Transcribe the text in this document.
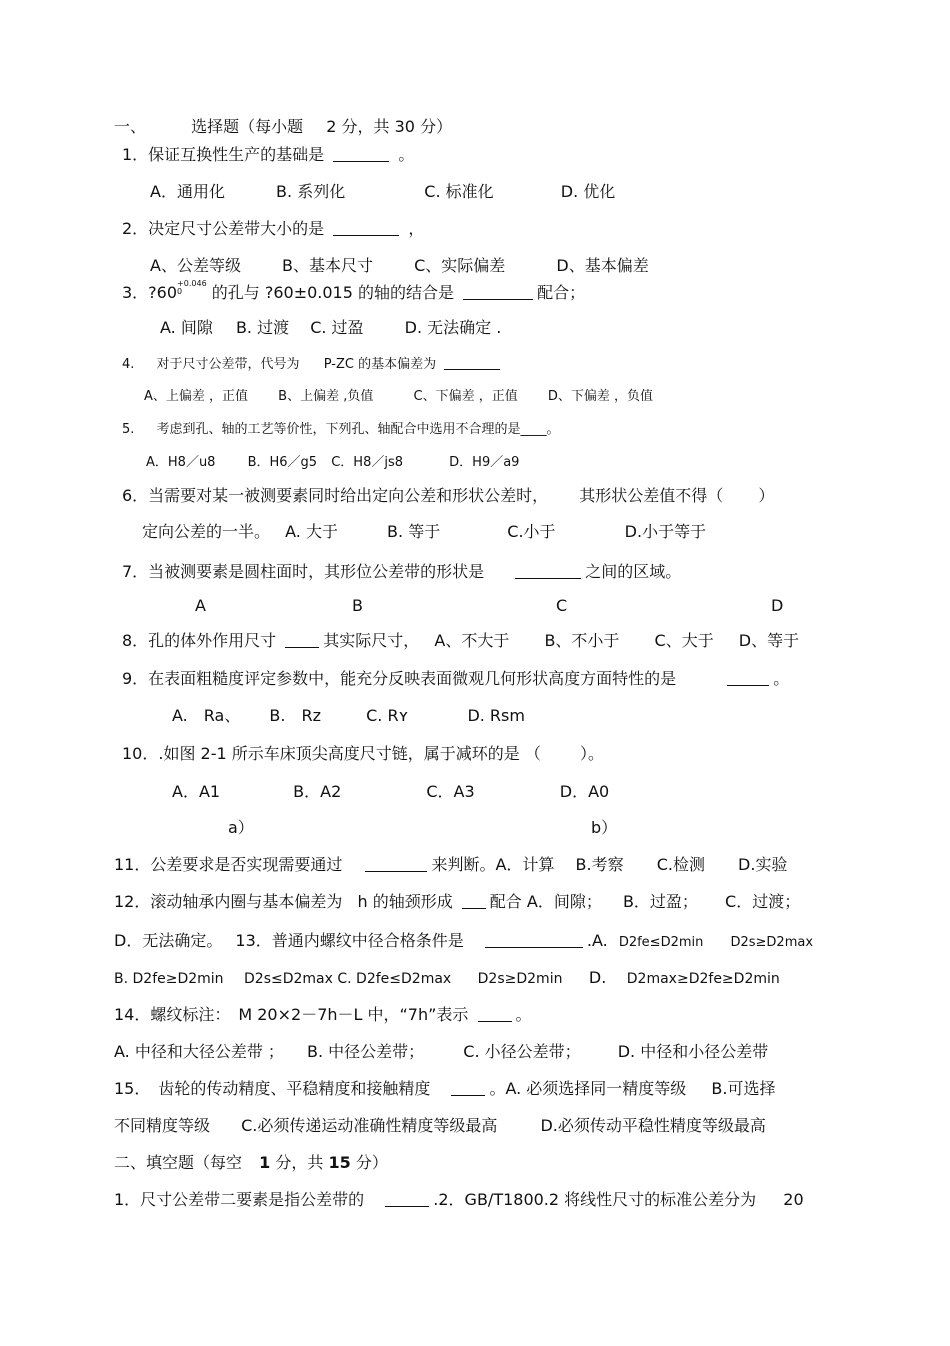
一、	选择题（每小题 2 分，共 30 分）
1．保证互换性生产的基础是	。
A．通用化	B. 系列化	C. 标准化	D. 优化
2．决定尺寸公差带大小的是	，
A、公差等级	B、基本尺寸	C、实际偏差	D、基本偏差
3．?60 +0.046
0	的孔与 ?60±0.015 的轴的结合是	配合；
A. 间隙 B. 过渡 C. 过盈	D. 无法确定 .
4. 对于尺寸公差带，代号为 P-ZC 的基本偏差为
A、上偏差 ，正值 B、上偏差 ,负值	C、下偏差 ，正值 D、下偏差 ，负值
5. 考虑到孔、轴的工艺等价性，下列孔、轴配合中选用不合理的是____。
A．H8／u8 B．H6／g5 C．H8／js8	D．H9／a9
6．当需要对某一被测要素同时给出定向公差和形状公差时， 其形状公差值不得（ ）
定向公差的一半。 A. 大于	B. 等于	C.小于	D.小于等于
7．当被测要素是圆柱面时，其形位公差带的形状是	之间的区域。
A	B	C	D
8．孔的体外作用尺寸	其实际尺寸， A、不大于 B、不小于 C、大于 D、等于
9．在表面粗糙度评定参数中，能充分反映表面微观几何形状高度方面特性的是	。
A.　Ra、 B.　Rz	C. Rʏ	D. Rsm
10．.如图 2-1 所示车床顶尖高度尺寸链，属于减环的是 （ ）。
A．A1	B．A2	C．A3	D．A0
a）	b）
11．公差要求是否实现需要通过	来判断。A．计算 B.考察 C.检测 D.实验
12．滚动轴承内圈与基本偏差为 h 的轴颈形成 配合 A．间隙； B．过盈； C．过渡；
D．无法确定。 13．普通内螺纹中径合格条件是	.A. D2fe≤D2min D2s≥D2max
B. D2fe≥D2min D2s≤D2max C. D2fe≤D2max D2s≥D2min D. D2max≥D2fe≥D2min
14．螺纹标注：　M 20×2－7h－L 中，“7h”表示	。
A. 中径和大径公差带 ； B. 中径公差带； C. 小径公差带； D. 中径和小径公差带
15．　齿轮的传动精度、平稳精度和接触精度	。A. 必须选择同一精度等级 B.可选择
不同精度等级 C.必须传递运动准确性精度等级最高	D.必须传动平稳性精度等级最高
二、填空题（每空 1 分，共 15 分）
1．尺寸公差带二要素是指公差带的	.2．GB/T1800.2 将线性尺寸的标准公差分为 20
